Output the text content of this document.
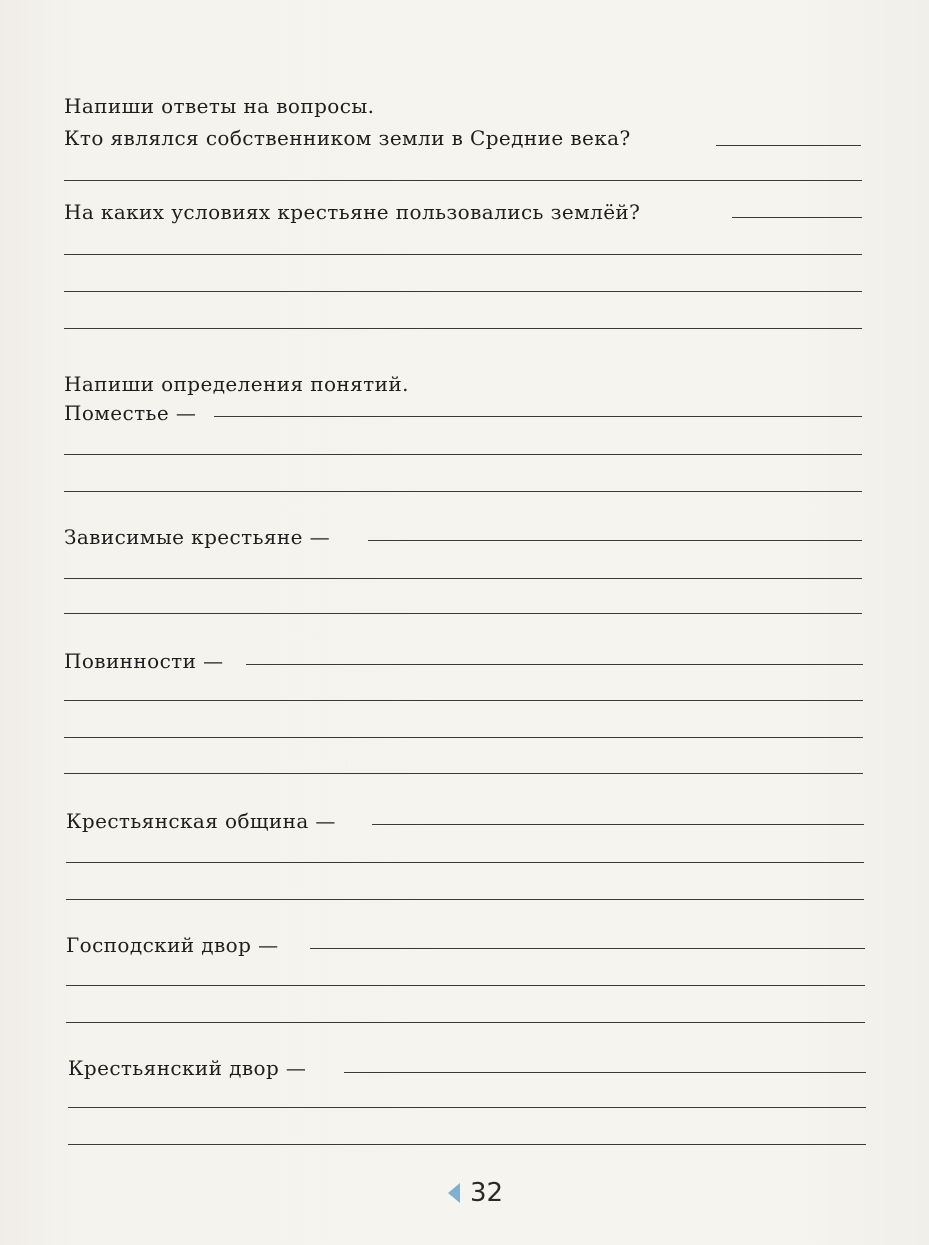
Напиши ответы на вопросы.
Кто являлся собственником земли в Средние века?
На каких условиях крестьяне пользовались землёй?
Напиши определения понятий.
Поместье —
Зависимые крестьяне —
Повинности —
Крестьянская община —
Господский двор —
Крестьянский двор —
32
